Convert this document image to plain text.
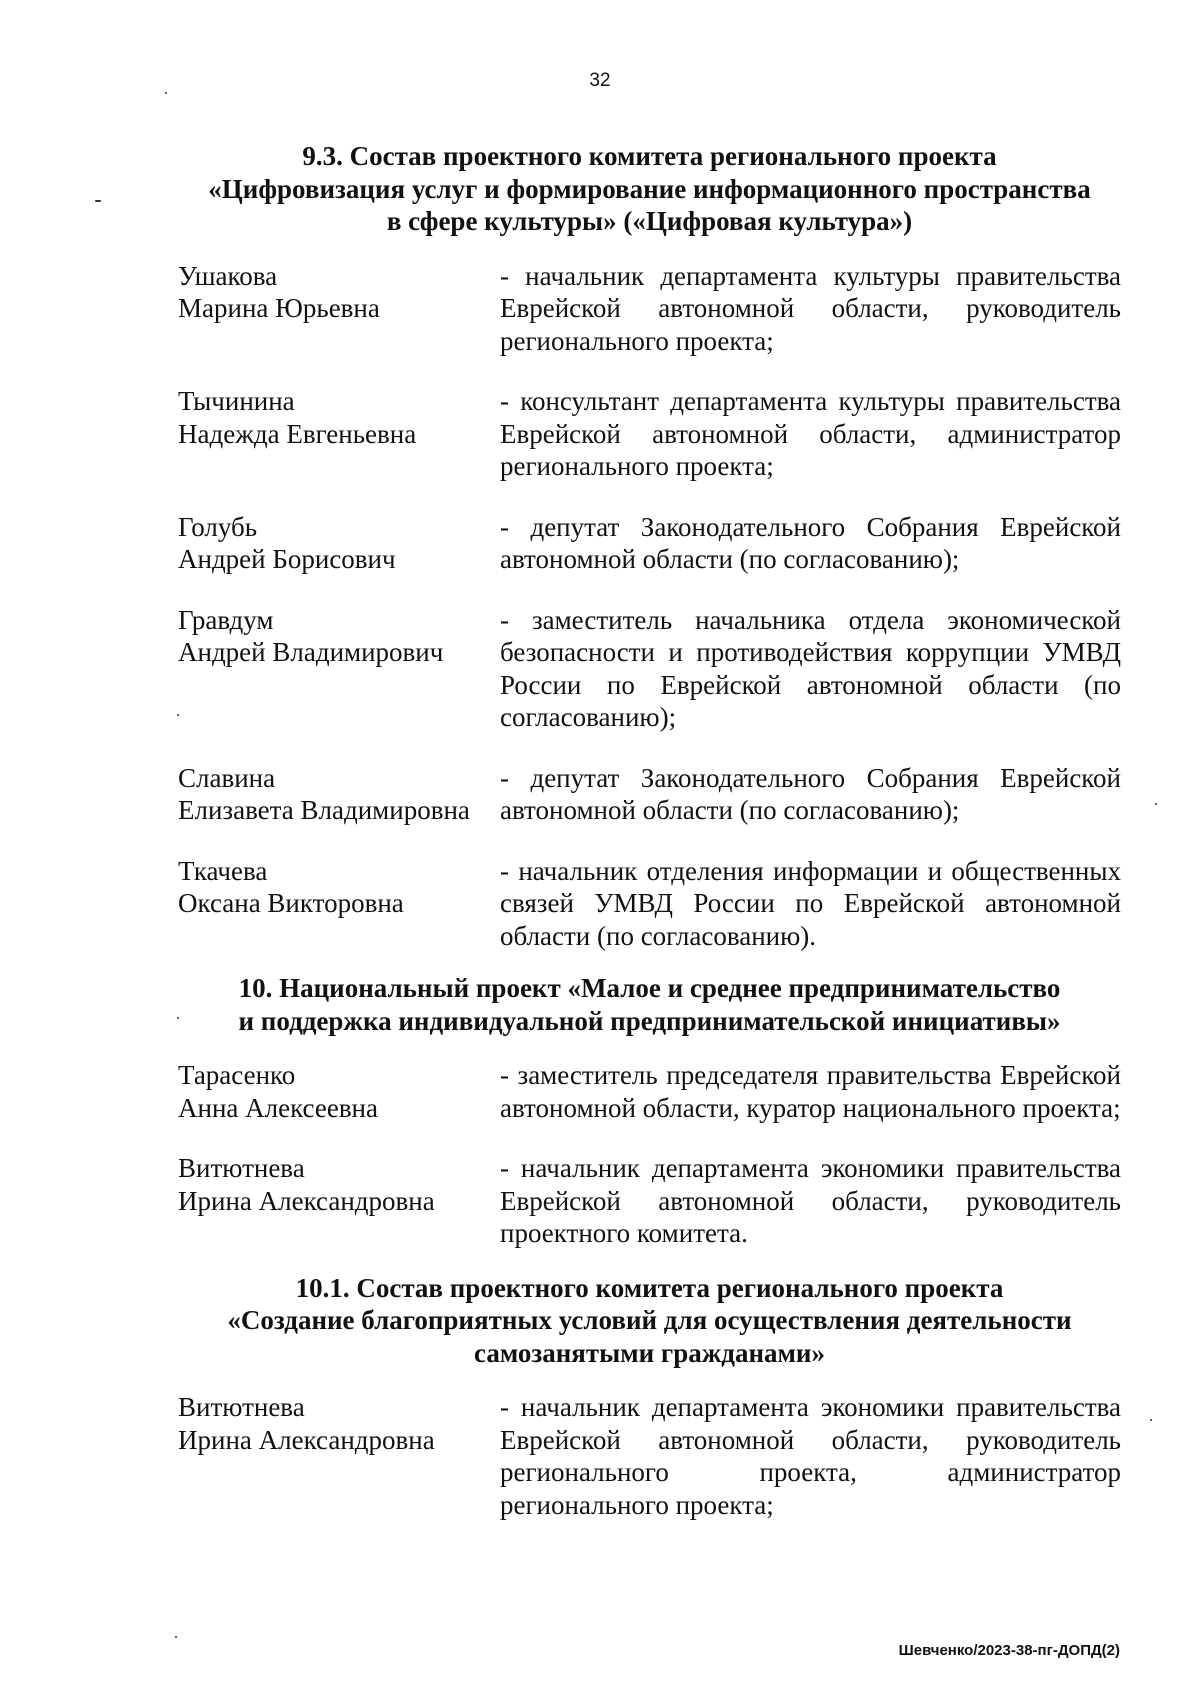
32
9.3. Состав проектного комитета регионального проекта
«Цифровизация услуг и формирование информационного пространства
в сфере культуры» («Цифровая культура»)
Ушакова
Марина Юрьевна
- начальник департамента культуры правительства Еврейской автономной области, руководитель регионального проекта;
Тычинина
Надежда Евгеньевна
- консультант департамента культуры правительства Еврейской автономной области, администратор регионального проекта;
Голубь
Андрей Борисович
- депутат Законодательного Собрания Еврейской автономной области (по согласованию);
Гравдум
Андрей Владимирович
- заместитель начальника отдела экономической безопасности и противодействия коррупции УМВД России по Еврейской автономной области (по согласованию);
Славина
Елизавета Владимировна
- депутат Законодательного Собрания Еврейской автономной области (по согласованию);
Ткачева
Оксана Викторовна
- начальник отделения информации и общественных связей УМВД России по Еврейской автономной области (по согласованию).
10. Национальный проект «Малое и среднее предпринимательство
и поддержка индивидуальной предпринимательской инициативы»
Тарасенко
Анна Алексеевна
- заместитель председателя правительства Еврейской автономной области, куратор национального проекта;
Витютнева
Ирина Александровна
- начальник департамента экономики правительства Еврейской автономной области, руководитель проектного комитета.
10.1. Состав проектного комитета регионального проекта
«Создание благоприятных условий для осуществления деятельности
самозанятыми гражданами»
Витютнева
Ирина Александровна
- начальник департамента экономики правительства Еврейской автономной области, руководитель регионального проекта, администратор регионального проекта;
Шевченко/2023-38-пг-ДОПД(2)
